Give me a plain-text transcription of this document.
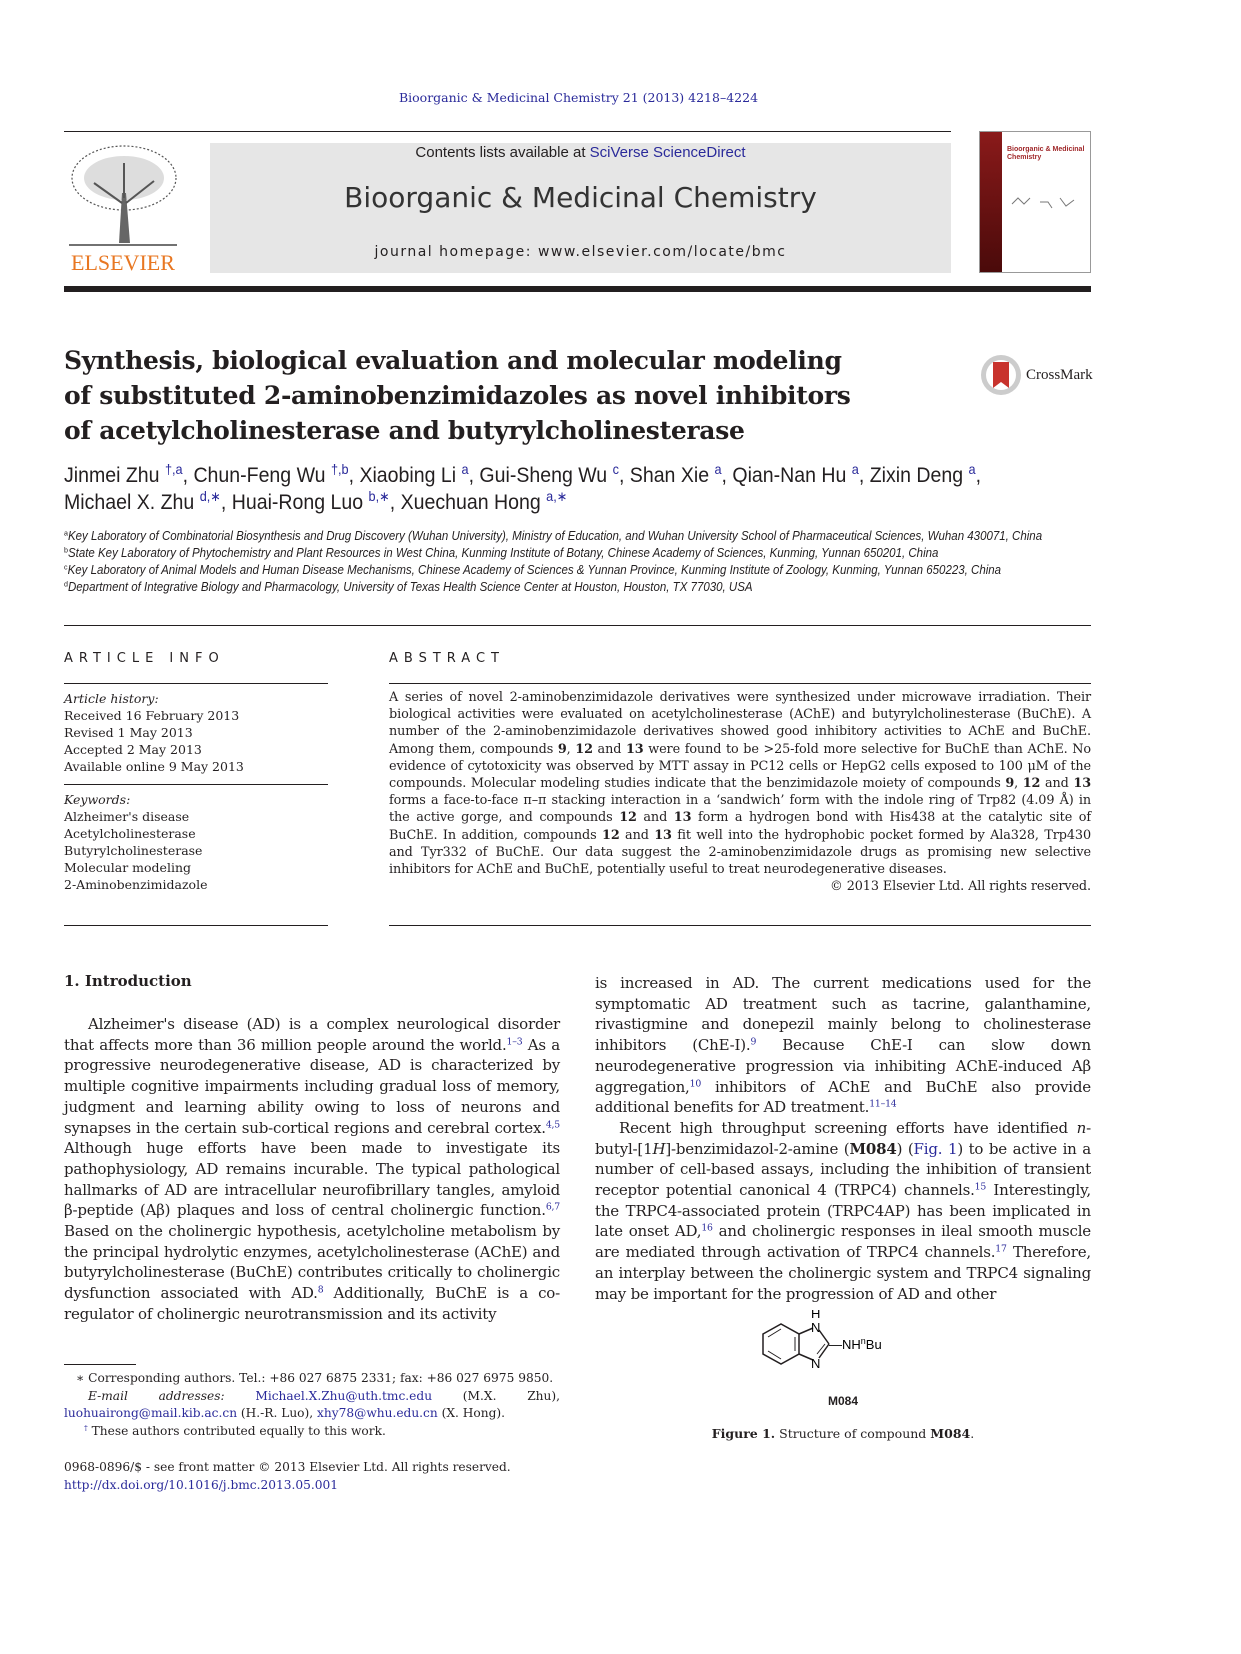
Bioorganic & Medicinal Chemistry 21 (2013) 4218–4224
ELSEVIER
Contents lists available at SciVerse ScienceDirect
Bioorganic & Medicinal Chemistry
journal homepage: www.elsevier.com/locate/bmc
Bioorganic & Medicinal Chemistry
Synthesis, biological evaluation and molecular modeling of substituted 2-aminobenzimidazoles as novel inhibitors of acetylcholinesterase and butyrylcholinesterase
CrossMark
Jinmei Zhu $^{\dagger,a}$, Chun-Feng Wu $^{\dagger,b}$, Xiaobing Li $^a$, Gui-Sheng Wu $^c$, Shan Xie $^a$, Qian-Nan Hu $^a$, Zixin Deng $^a$,
Michael X. Zhu $^{d,∗}$, Huai-Rong Luo $^{b,∗}$, Xuechuan Hong $^{a,∗}$
$^a$Key Laboratory of Combinatorial Biosynthesis and Drug Discovery (Wuhan University), Ministry of Education, and Wuhan University School of Pharmaceutical Sciences, Wuhan 430071, China
$^b$State Key Laboratory of Phytochemistry and Plant Resources in West China, Kunming Institute of Botany, Chinese Academy of Sciences, Kunming, Yunnan 650201, China
$^c$Key Laboratory of Animal Models and Human Disease Mechanisms, Chinese Academy of Sciences & Yunnan Province, Kunming Institute of Zoology, Kunming, Yunnan 650223, China
$^d$Department of Integrative Biology and Pharmacology, University of Texas Health Science Center at Houston, Houston, TX 77030, USA
ARTICLE INFO
Article history:
Received 16 February 2013
Revised 1 May 2013
Accepted 2 May 2013
Available online 9 May 2013
Keywords:
Alzheimer's disease
Acetylcholinesterase
Butyrylcholinesterase
Molecular modeling
2-Aminobenzimidazole
ABSTRACT
A series of novel 2-aminobenzimidazole derivatives were synthesized under microwave irradiation. Their biological activities were evaluated on acetylcholinesterase (AChE) and butyrylcholinesterase (BuChE). A number of the 2-aminobenzimidazole derivatives showed good inhibitory activities to AChE and BuChE. Among them, compounds 9, 12 and 13 were found to be >25-fold more selective for BuChE than AChE. No evidence of cytotoxicity was observed by MTT assay in PC12 cells or HepG2 cells exposed to 100 μM of the compounds. Molecular modeling studies indicate that the benzimidazole moiety of compounds 9, 12 and 13 forms a face-to-face π–π stacking interaction in a ‘sandwich’ form with the indole ring of Trp82 (4.09 Å) in the active gorge, and compounds 12 and 13 form a hydrogen bond with His438 at the catalytic site of BuChE. In addition, compounds 12 and 13 fit well into the hydrophobic pocket formed by Ala328, Trp430 and Tyr332 of BuChE. Our data suggest the 2-aminobenzimidazole drugs as promising new selective inhibitors for AChE and BuChE, potentially useful to treat neurodegenerative diseases.
© 2013 Elsevier Ltd. All rights reserved.
1. Introduction

Alzheimer's disease (AD) is a complex neurological disorder that affects more than 36 million people around the world.$^{1-3}$ As a progressive neurodegenerative disease, AD is characterized by multiple cognitive impairments including gradual loss of memory, judgment and learning ability owing to loss of neurons and synapses in the certain sub-cortical regions and cerebral cortex.$^{4,5}$ Although huge efforts have been made to investigate its pathophysiology, AD remains incurable. The typical pathological hallmarks of AD are intracellular neurofibrillary tangles, amyloid β-peptide (Aβ) plaques and loss of central cholinergic function.$^{6,7}$ Based on the cholinergic hypothesis, acetylcholine metabolism by the principal hydrolytic enzymes, acetylcholinesterase (AChE) and butyrylcholinesterase (BuChE) contributes critically to cholinergic dysfunction associated with AD.$^8$ Additionally, BuChE is a co-regulator of cholinergic neurotransmission and its activity

is increased in AD. The current medications used for the symptomatic AD treatment such as tacrine, galanthamine, rivastigmine and donepezil mainly belong to cholinesterase inhibitors (ChE-I).$^9$ Because ChE-I can slow down neurodegenerative progression via inhibiting AChE-induced Aβ aggregation,$^{10}$ inhibitors of AChE and BuChE also provide additional benefits for AD treatment.$^{11-14}$

Recent high throughput screening efforts have identified n-butyl-[1H]-benzimidazol-2-amine (M084) (Fig. 1) to be active in a number of cell-based assays, including the inhibition of transient receptor potential canonical 4 (TRPC4) channels.$^{15}$ Interestingly, the TRPC4-associated protein (TRPC4AP) has been implicated in late onset AD,$^{16}$ and cholinergic responses in ileal smooth muscle are mediated through activation of TRPC4 channels.$^{17}$ Therefore, an interplay between the cholinergic system and TRPC4 signaling may be important for the progression of AD and other

H
N
N
$—NH^nBu$
M084
Figure 1. Structure of compound M084.
∗ Corresponding authors. Tel.: +86 027 6875 2331; fax: +86 027 6975 9850.
E-mail addresses: Michael.X.Zhu@uth.tmc.edu (M.X. Zhu), luohuairong@mail.kib.ac.cn (H.-R. Luo), xhy78@whu.edu.cn (X. Hong).
† These authors contributed equally to this work.
0968-0896/$ - see front matter © 2013 Elsevier Ltd. All rights reserved.
http://dx.doi.org/10.1016/j.bmc.2013.05.001
